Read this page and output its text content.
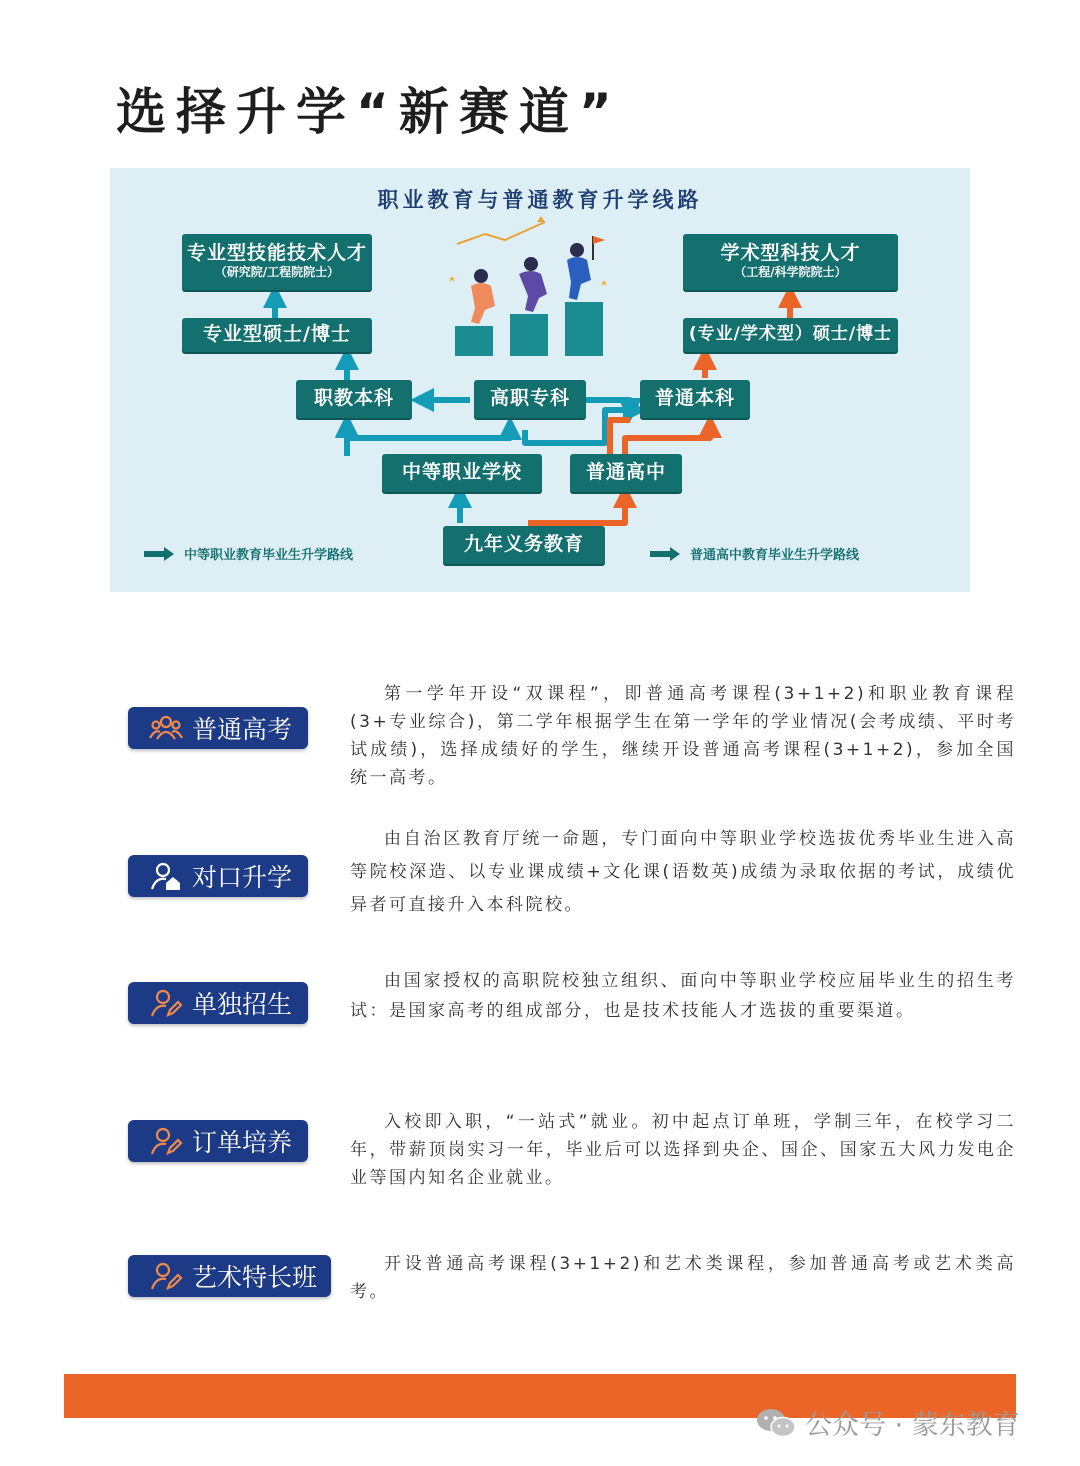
选择升学“新赛道”
职业教育与普通教育升学线路
专业型技能技术人才
（研究院/工程院院士）
学术型科技人才
（工程/科学院院士）
专业型硕士/博士	(专业/学术型）硕士/博士
职教本科	高职专科	普通本科
中等职业学校	普通高中
九年义务教育
中等职业教育毕业生升学路线	普通高中教育毕业生升学路线
普通高考
第一学年开设“双课程”，即普通高考课程(3+1+2)和职业教育课程(3+专业综合)，第二学年根据学生在第一学年的学业情况(会考成绩、平时考试成绩)，选择成绩好的学生，继续开设普通高考课程(3+1+2)，参加全国统一高考。
对口升学
由自治区教育厅统一命题，专门面向中等职业学校选拔优秀毕业生进入高等院校深造、以专业课成绩+文化课(语数英)成绩为录取依据的考试，成绩优异者可直接升入本科院校。
单独招生
由国家授权的高职院校独立组织、面向中等职业学校应届毕业生的招生考试：是国家高考的组成部分，也是技术技能人才选拔的重要渠道。
订单培养
入校即入职，“一站式”就业。初中起点订单班，学制三年，在校学习二年，带薪顶岗实习一年，毕业后可以选择到央企、国企、国家五大风力发电企业等国内知名企业就业。
艺术特长班	开设普通高考课程(3+1+2)和艺术类课程，参加普通高考或艺术类高考。
公众号 · 蒙东教育
